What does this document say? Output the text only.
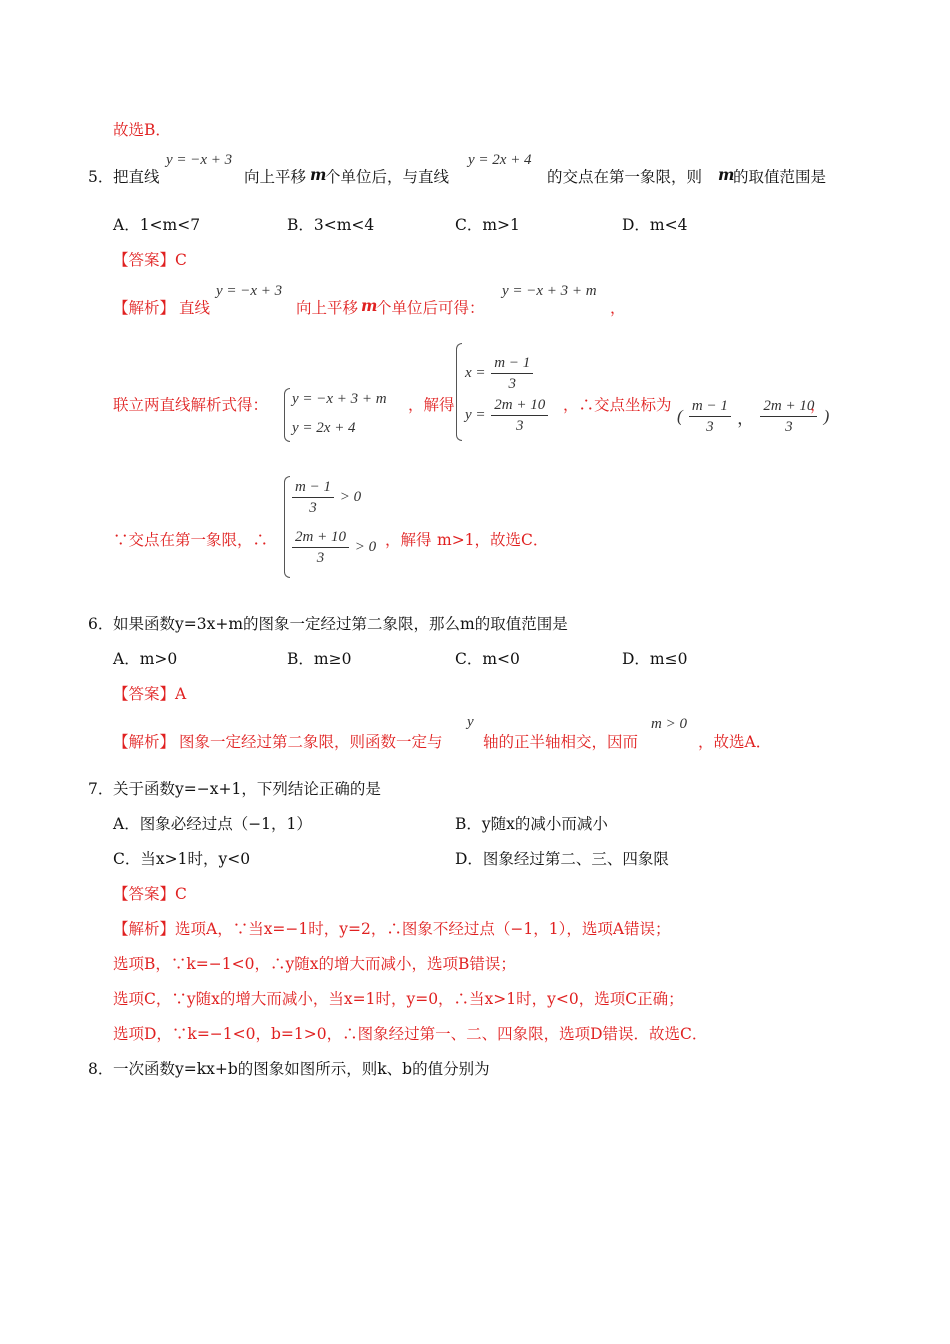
故选B．
5． 把直线
y = −x + 3
向上平移 m
个单位后，与直线
y = 2x + 4
的交点在第一象限，则 m
的取值范围是
A．1<m<7	B．3<m<4	C．m>1	D．m<4
【答案】C
【解析】 直线
y = −x + 3
向上平移 m
个单位后可得：
y = −x + 3 + m
，
联立两直线解析式得： y = −x + 3 + m
y = 2x + 4
，解得
$x = \frac{m - 1}{3}$
$y = \frac{2m + 10}{3}$ ，∴交点坐标为
( $\frac{m - 1}{3}$ ， $\frac{2m + 10}{3}$ )
，
∵交点在第一象限，∴
$\frac{m - 1}{3} > 0$
$\frac{2m + 10}{3} > 0$ ，解得 m>1，故选C．
6． 如果函数y=3x+m的图象一定经过第二象限，那么m的取值范围是
A．m>0	B．m≥0	C．m<0	D．m≤0
【答案】A
【解析】 图象一定经过第二象限，则函数一定与
y
轴的正半轴相交，因而
m > 0
，故选A．
7． 关于函数y=−x+1，下列结论正确的是
A．图象必经过点（−1，1）	B．y随x的减小而减小
C．当x>1时，y<0	D．图象经过第二、三、四象限
【答案】C
【解析】选项A，∵当x=−1时，y=2，∴图象不经过点（−1，1），选项A错误；
选项B，∵k=−1<0，∴y随x的增大而减小，选项B错误；
选项C，∵y随x的增大而减小，当x=1时，y=0，∴当x>1时，y<0，选项C正确；
选项D，∵k=−1<0，b=1>0，∴图象经过第一、二、四象限，选项D错误．故选C．
8． 一次函数y=kx+b的图象如图所示，则k、b的值分别为
